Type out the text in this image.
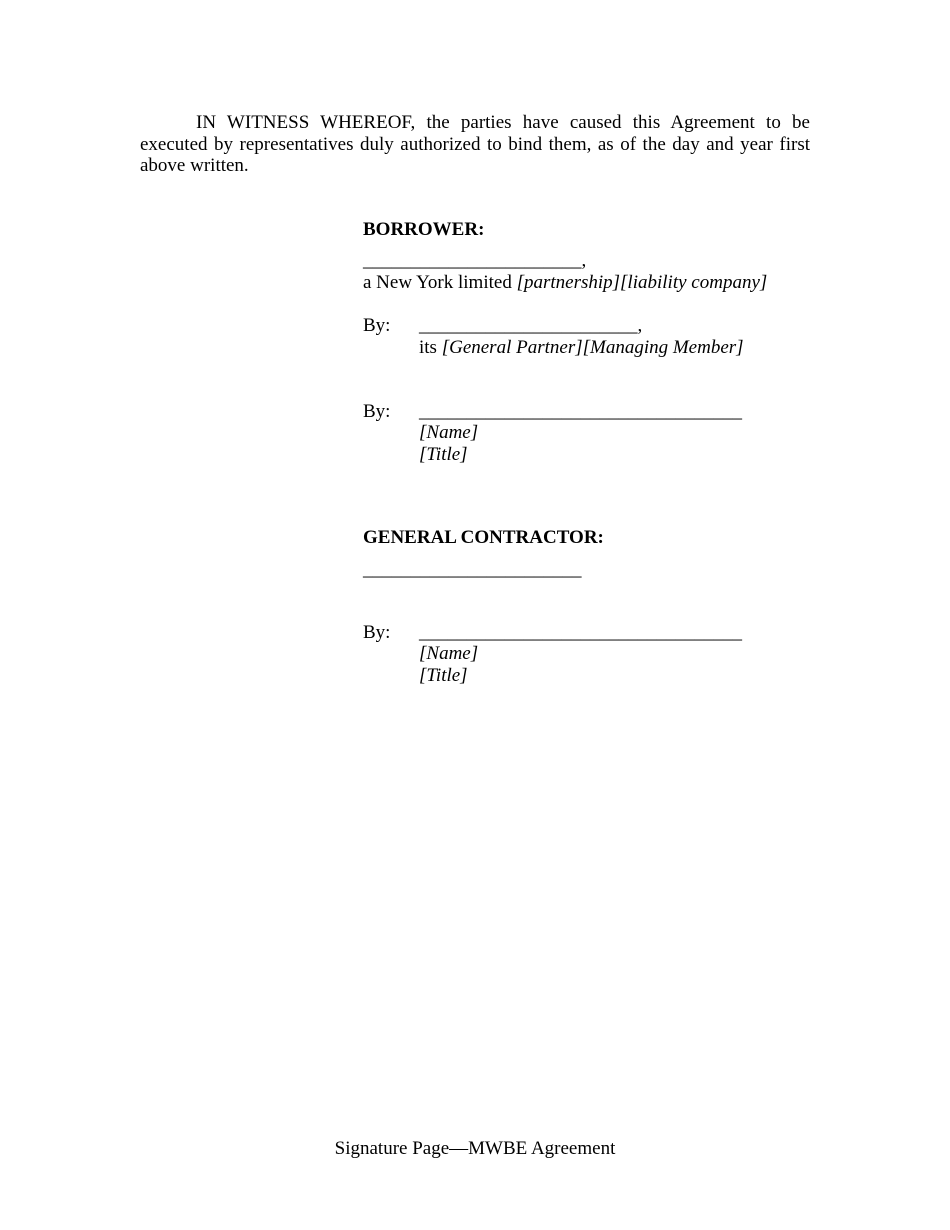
IN WITNESS WHEREOF, the parties have caused this Agreement to be executed by representatives duly authorized to bind them, as of the day and year first above written.
BORROWER:
_______________________,
a New York limited [partnership][liability company]
By: _______________________,
its [General Partner][Managing Member]
By: __________________________________
[Name]
[Title]
GENERAL CONTRACTOR:
_______________________
By: __________________________________
[Name]
[Title]
Signature Page—MWBE Agreement
